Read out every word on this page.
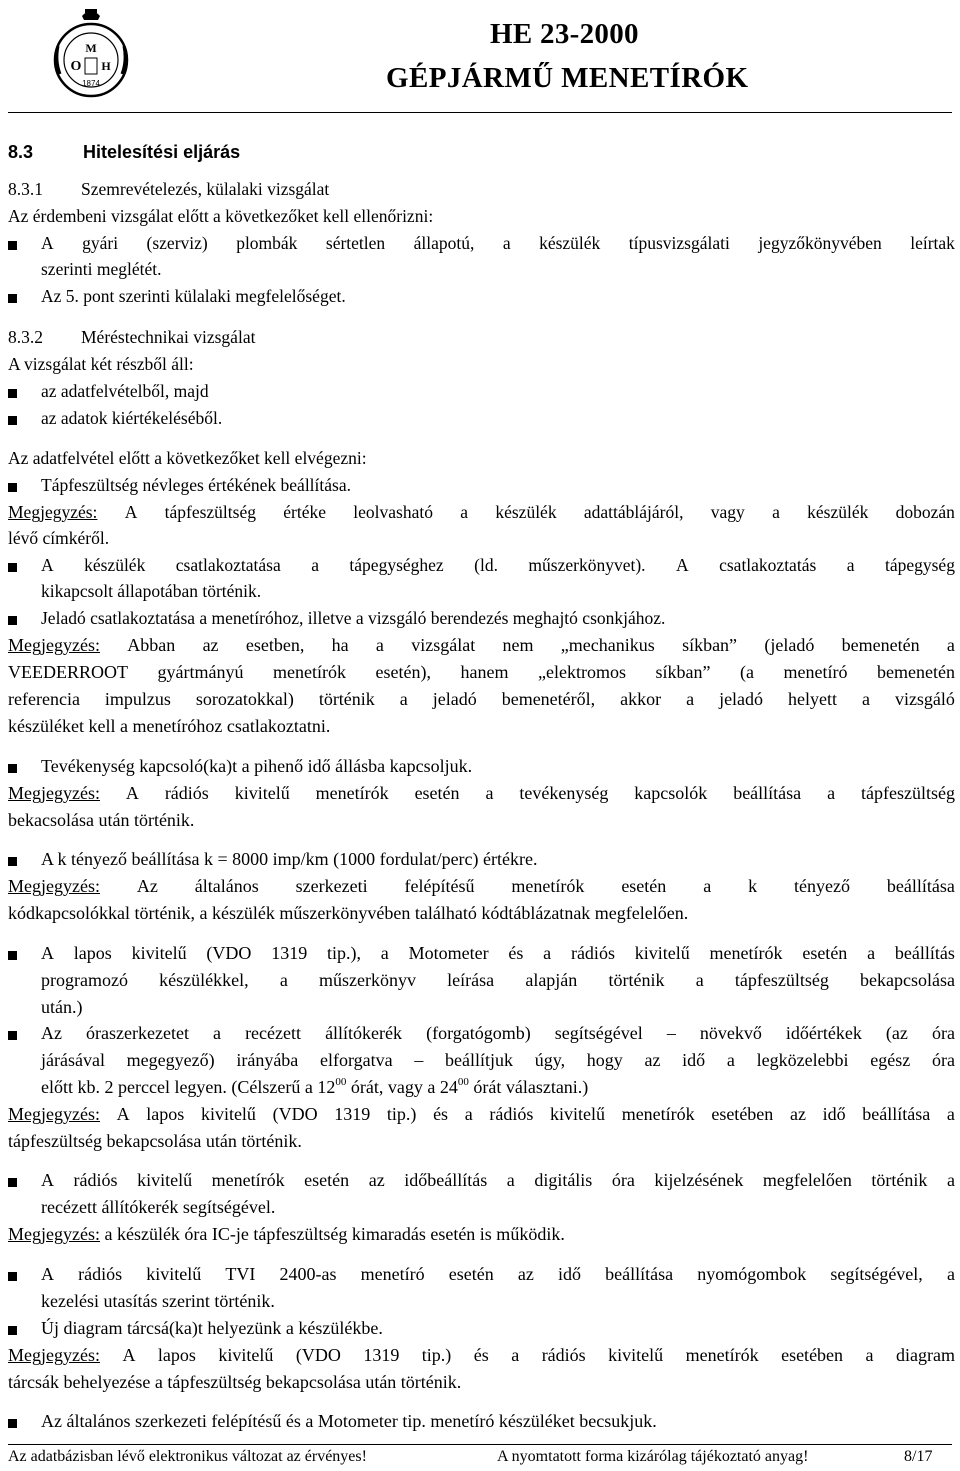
M
O H
1874
HE 23-2000
GÉPJÁRMŰ MENETÍRÓK
8.3	Hitelesítési eljárás
8.3.1 Szemrevételezés, külalaki vizsgálat
Az érdembeni vizsgálat előtt a következőket kell ellenőrizni:
A gyári (szerviz) plombák sértetlen állapotú, a készülék típusvizsgálati jegyzőkönyvében leírtak
szerinti meglétét.
Az 5. pont szerinti külalaki megfelelőséget.
8.3.2 Méréstechnikai vizsgálat
A vizsgálat két részből áll:
az adatfelvételből, majd
az adatok kiértékeléséből.
Az adatfelvétel előtt a következőket kell elvégezni:
Tápfeszültség névleges értékének beállítása.
Megjegyzés: A tápfeszültség értéke leolvasható a készülék adattáblájáról, vagy a készülék dobozán
lévő címkéről.
A készülék csatlakoztatása a tápegységhez (ld. műszerkönyvet). A csatlakoztatás a tápegység
kikapcsolt állapotában történik.
Jeladó csatlakoztatása a menetíróhoz, illetve a vizsgáló berendezés meghajtó csonkjához.
Megjegyzés: Abban az esetben, ha a vizsgálat nem „mechanikus síkban” (jeladó bemenetén a
VEEDERROOT gyártmányú menetírók esetén), hanem „elektromos síkban” (a menetíró bemenetén
referencia impulzus sorozatokkal) történik a jeladó bemenetéről, akkor a jeladó helyett a vizsgáló
készüléket kell a menetíróhoz csatlakoztatni.
Tevékenység kapcsoló(ka)t a pihenő idő állásba kapcsoljuk.
Megjegyzés: A rádiós kivitelű menetírók esetén a tevékenység kapcsolók beállítása a tápfeszültség
bekacsolása után történik.
A k tényező beállítása k = 8000 imp/km (1000 fordulat/perc) értékre.
Megjegyzés: Az általános szerkezeti felépítésű menetírók esetén a k tényező beállítása
kódkapcsolókkal történik, a készülék műszerkönyvében található kódtáblázatnak megfelelően.
A lapos kivitelű (VDO 1319 tip.), a Motometer és a rádiós kivitelű menetírók esetén a beállítás
programozó készülékkel, a műszerkönyv leírása alapján történik a tápfeszültség bekapcsolása
után.)
Az óraszerkezetet a recézett állítókerék (forgatógomb) segítségével – növekvő időértékek (az óra
járásával megegyező) irányába elforgatva – beállítjuk úgy, hogy az idő a legközelebbi egész óra
előtt kb. 2 perccel legyen. (Célszerű a $12^{00}$ órát, vagy a $24^{00}$ órát választani.)
Megjegyzés: A lapos kivitelű (VDO 1319 tip.) és a rádiós kivitelű menetírók esetében az idő beállítása a
tápfeszültség bekapcsolása után történik.
A rádiós kivitelű menetírók esetén az időbeállítás a digitális óra kijelzésének megfelelően történik a
recézett állítókerék segítségével.
Megjegyzés: a készülék óra IC-je tápfeszültség kimaradás esetén is működik.
A rádiós kivitelű TVI 2400-as menetíró esetén az idő beállítása nyomógombok segítségével, a
kezelési utasítás szerint történik.
Új diagram tárcsá(ka)t helyezünk a készülékbe.
Megjegyzés: A lapos kivitelű (VDO 1319 tip.) és a rádiós kivitelű menetírók esetében a diagram
tárcsák behelyezése a tápfeszültség bekapcsolása után történik.
Az általános szerkezeti felépítésű és a Motometer tip. menetíró készüléket becsukjuk.
Az adatbázisban lévő elektronikus változat az érvényes!	A nyomtatott forma kizárólag tájékoztató anyag!	8/17
